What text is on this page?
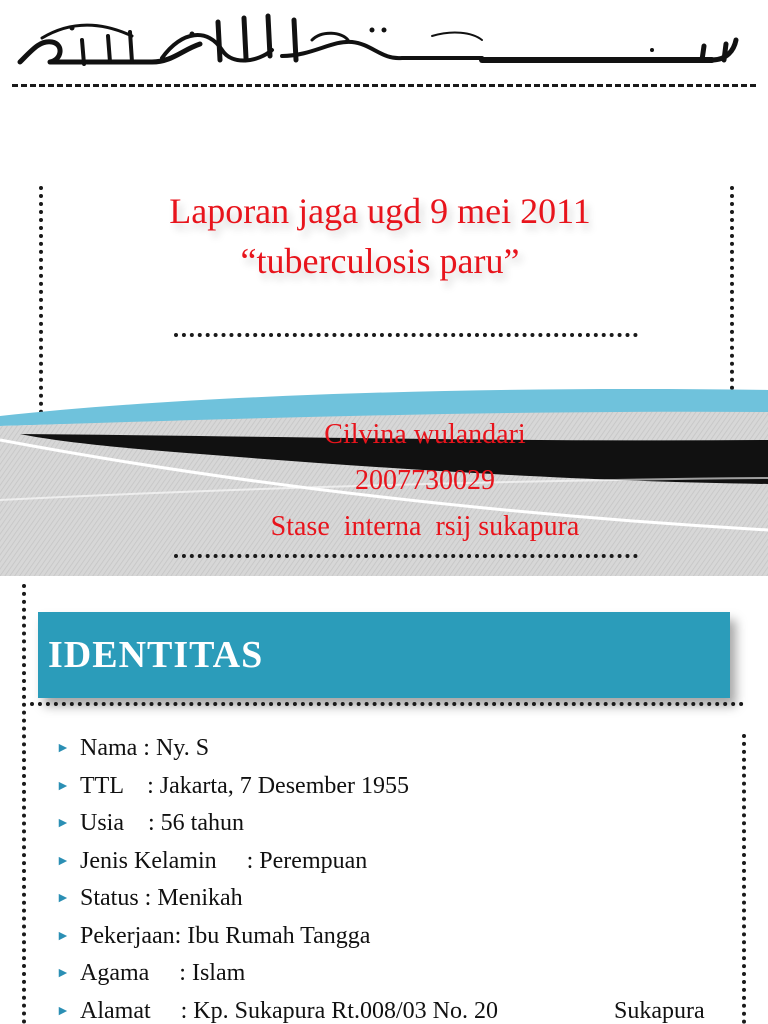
Laporan jaga ugd 9 mei 2011
“tuberculosis paru”
Cilvina wulandari
2007730029
Stase  interna  rsij sukapura
IDENTITAS
► Nama : Ny. S
► TTL    : Jakarta, 7 Desember 1955
► Usia    : 56 tahun
► Jenis Kelamin     : Perempuan
► Status : Menikah
► Pekerjaan: Ibu Rumah Tangga
► Agama     : Islam
► Alamat     : Kp. Sukapura Rt.008/03 No. 20	Sukapura
